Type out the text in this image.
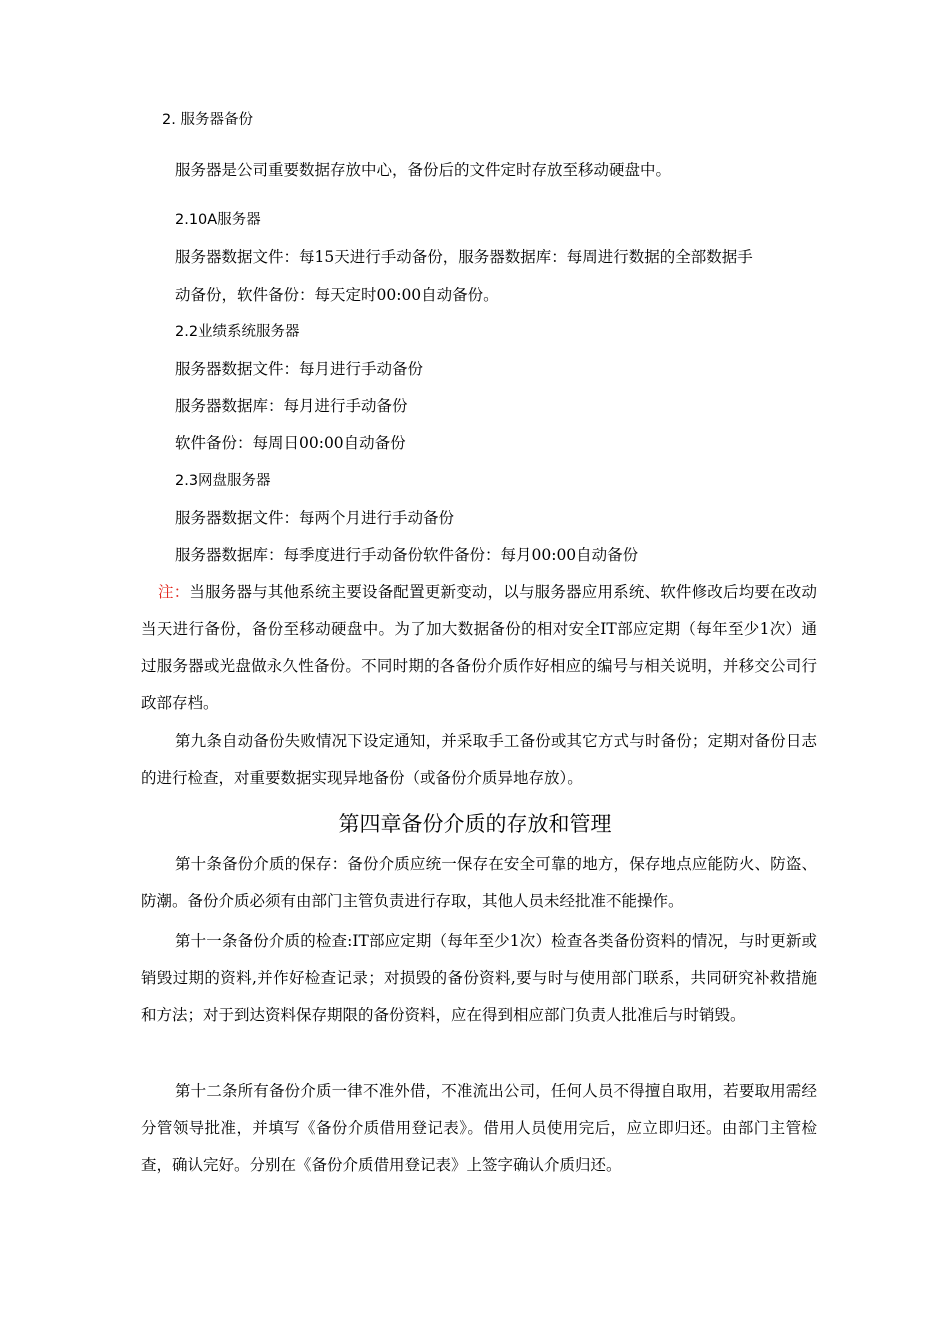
2. 服务器备份
服务器是公司重要数据存放中心，备份后的文件定时存放至移动硬盘中。
2.10A服务器
服务器数据文件：每15天进行手动备份，服务器数据库：每周进行数据的全部数据手
动备份，软件备份：每天定时00:00自动备份。
2.2业绩系统服务器
服务器数据文件：每月进行手动备份
服务器数据库：每月进行手动备份
软件备份：每周日00:00自动备份
2.3网盘服务器
服务器数据文件：每两个月进行手动备份
服务器数据库：每季度进行手动备份软件备份：每月00:00自动备份
注：当服务器与其他系统主要设备配置更新变动，以与服务器应用系统、软件修改后均要在改动当天进行备份，备份至移动硬盘中。为了加大数据备份的相对安全IT部应定期（每年至少1次）通过服务器或光盘做永久性备份。不同时期的各备份介质作好相应的编号与相关说明，并移交公司行政部存档。
第九条自动备份失败情况下设定通知，并采取手工备份或其它方式与时备份；定期对备份日志的进行检查，对重要数据实现异地备份（或备份介质异地存放）。
第四章备份介质的存放和管理
第十条备份介质的保存：备份介质应统一保存在安全可靠的地方，保存地点应能防火、防盗、防潮。备份介质必须有由部门主管负责进行存取，其他人员未经批准不能操作。
第十一条备份介质的检查:IT部应定期（每年至少1次）检查各类备份资料的情况，与时更新或销毁过期的资料,并作好检查记录；对损毁的备份资料,要与时与使用部门联系，共同研究补救措施和方法；对于到达资料保存期限的备份资料，应在得到相应部门负责人批准后与时销毁。
第十二条所有备份介质一律不准外借，不准流出公司，任何人员不得擅自取用，若要取用需经分管领导批准，并填写《备份介质借用登记表》。借用人员使用完后，应立即归还。由部门主管检查，确认完好。分别在《备份介质借用登记表》上签字确认介质归还。
